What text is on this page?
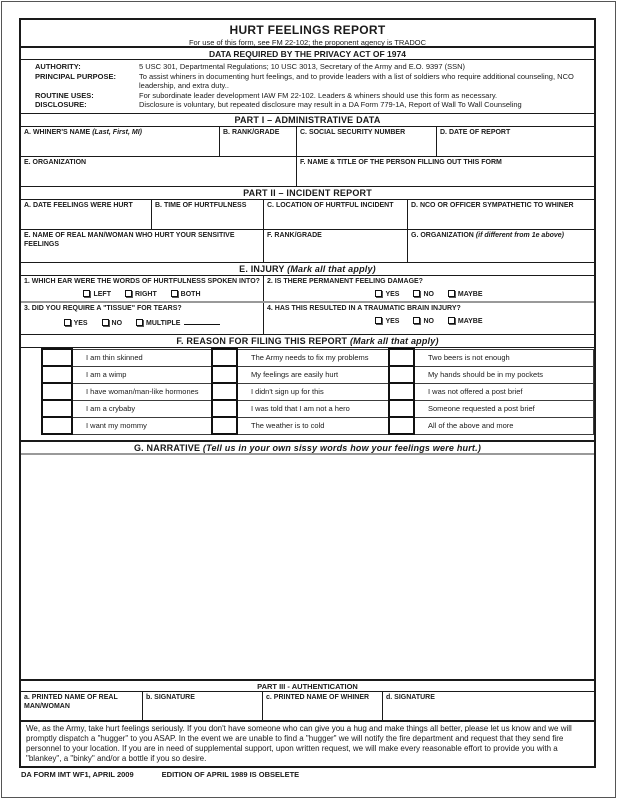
HURT FEELINGS REPORT
For use of this form, see FM 22-102; the proponent agency is TRADOC
DATA REQUIRED BY THE PRIVACY ACT OF 1974
AUTHORITY:	5 USC 301, Departmental Regulations; 10 USC 3013, Secretary of the Army and E.O. 9397 (SSN)
PRINCIPAL PURPOSE:	To assist whiners in documenting hurt feelings, and to provide leaders with a list of soldiers who require additional counseling, NCO leadership, and extra duty..
ROUTINE USES:	For subordinate leader development IAW FM 22-102. Leaders & whiners should use this form as necessary.
DISCLOSURE:	Disclosure is voluntary, but repeated disclosure may result in a DA Form 779-1A, Report of Wall To Wall Counseling
PART I – ADMINISTRATIVE DATA
A. WHINER'S NAME (Last, First, MI)	B. RANK/GRADE	C. SOCIAL SECURITY NUMBER	D. DATE OF REPORT
E. ORGANIZATION	F. NAME & TITLE OF THE PERSON FILLING OUT THIS FORM
PART II – INCIDENT REPORT
A. DATE FEELINGS WERE HURT	B. TIME OF HURTFULNESS	C. LOCATION OF HURTFUL INCIDENT	D. NCO OR OFFICER SYMPATHETIC TO WHINER
E. NAME OF REAL MAN/WOMAN WHO HURT YOUR SENSITIVE FEELINGS
F. RANK/GRADE	G. ORGANIZATION (if different from 1e above)
E. INJURY (Mark all that apply)
1. WHICH EAR WERE THE WORDS OF HURTFULNESS SPOKEN INTO?
LEFT	RIGHT	BOTH
2. IS THERE PERMANENT FEELING DAMAGE?
YES	NO	MAYBE
3. DID YOU REQUIRE A "TISSUE" FOR TEARS?
YES	NO	MULTIPLE
4. HAS THIS RESULTED IN A TRAUMATIC BRAIN INJURY?
YES	NO	MAYBE
F. REASON FOR FILING THIS REPORT (Mark all that apply)
		I am thin skinned		The Army needs to fix my problems		Two beers is not enough
		I am a wimp		My feelings are easily hurt		My hands should be in my pockets
		I have woman/man-like hormones		I didn't sign up for this		I was not offered a post brief
		I am a crybaby		I was told that I am not a hero		Someone requested a post brief
		I want my mommy		The weather is to cold		All of the above and more
G. NARRATIVE (Tell us in your own sissy words how your feelings were hurt.)
PART III - AUTHENTICATION
a. PRINTED NAME OF REAL MAN/WOMAN
b. SIGNATURE	c. PRINTED NAME OF WHINER	d. SIGNATURE
We, as the Army, take hurt feelings seriously. If you don't have someone who can give you a hug and make things all better, please let us know and we will promptly dispatch a "hugger" to you ASAP. In the event we are unable to find a "hugger" we will notify the fire department and request that they send fire personnel to your location. If you are in need of supplemental support, upon written request, we will make every reasonable effort to provide you with a "blankey", a "binky" and/or a bottle if you so desire.
DA FORM IMT WF1, APRIL 2009	EDITION OF APRIL 1989 IS OBSELETE
